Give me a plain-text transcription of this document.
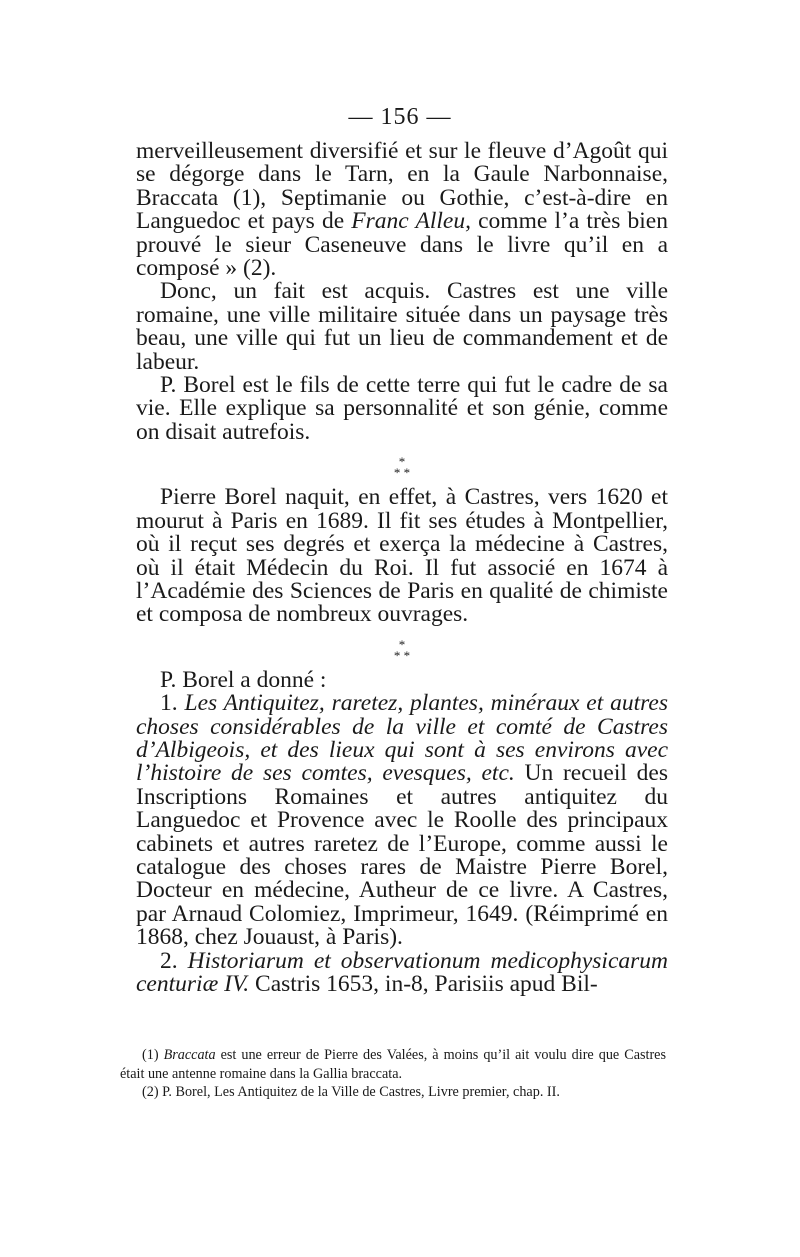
— 156 —

merveilleusement diversifié et sur le fleuve d’Agoût qui se dégorge dans le Tarn, en la Gaule Narbonnaise, Braccata (1), Septimanie ou Gothie, c’est-à-dire en Languedoc et pays de Franc Alleu, comme l’a très bien prouvé le sieur Caseneuve dans le livre qu’il en a composé » (2).

Donc, un fait est acquis. Castres est une ville romaine, une ville militaire située dans un paysage très beau, une ville qui fut un lieu de commandement et de labeur.

P. Borel est le fils de cette terre qui fut le cadre de sa vie. Elle explique sa personnalité et son génie, comme on disait autrefois.

*
* *

Pierre Borel naquit, en effet, à Castres, vers 1620 et mourut à Paris en 1689. Il fit ses études à Montpellier, où il reçut ses degrés et exerça la médecine à Castres, où il était Médecin du Roi. Il fut associé en 1674 à l’Académie des Sciences de Paris en qualité de chimiste et composa de nombreux ouvrages.

*
* *

P. Borel a donné :

1. Les Antiquitez, raretez, plantes, minéraux et autres choses considérables de la ville et comté de Castres d’Albigeois, et des lieux qui sont à ses environs avec l’histoire de ses comtes, evesques, etc. Un recueil des Inscriptions Romaines et autres antiquitez du Languedoc et Provence avec le Roolle des principaux cabinets et autres raretez de l’Europe, comme aussi le catalogue des choses rares de Maistre Pierre Borel, Docteur en médecine, Autheur de ce livre. A Castres, par Arnaud Colomiez, Imprimeur, 1649. (Réimprimé en 1868, chez Jouaust, à Paris).

2. Historiarum et observationum medicophysicarum centuriæ IV. Castris 1653, in-8, Parisiis apud Bil-

(1) Braccata est une erreur de Pierre des Valées, à moins qu’il ait voulu dire que Castres était une antenne romaine dans la Gallia braccata.

(2) P. Borel, Les Antiquitez de la Ville de Castres, Livre premier, chap. II.
